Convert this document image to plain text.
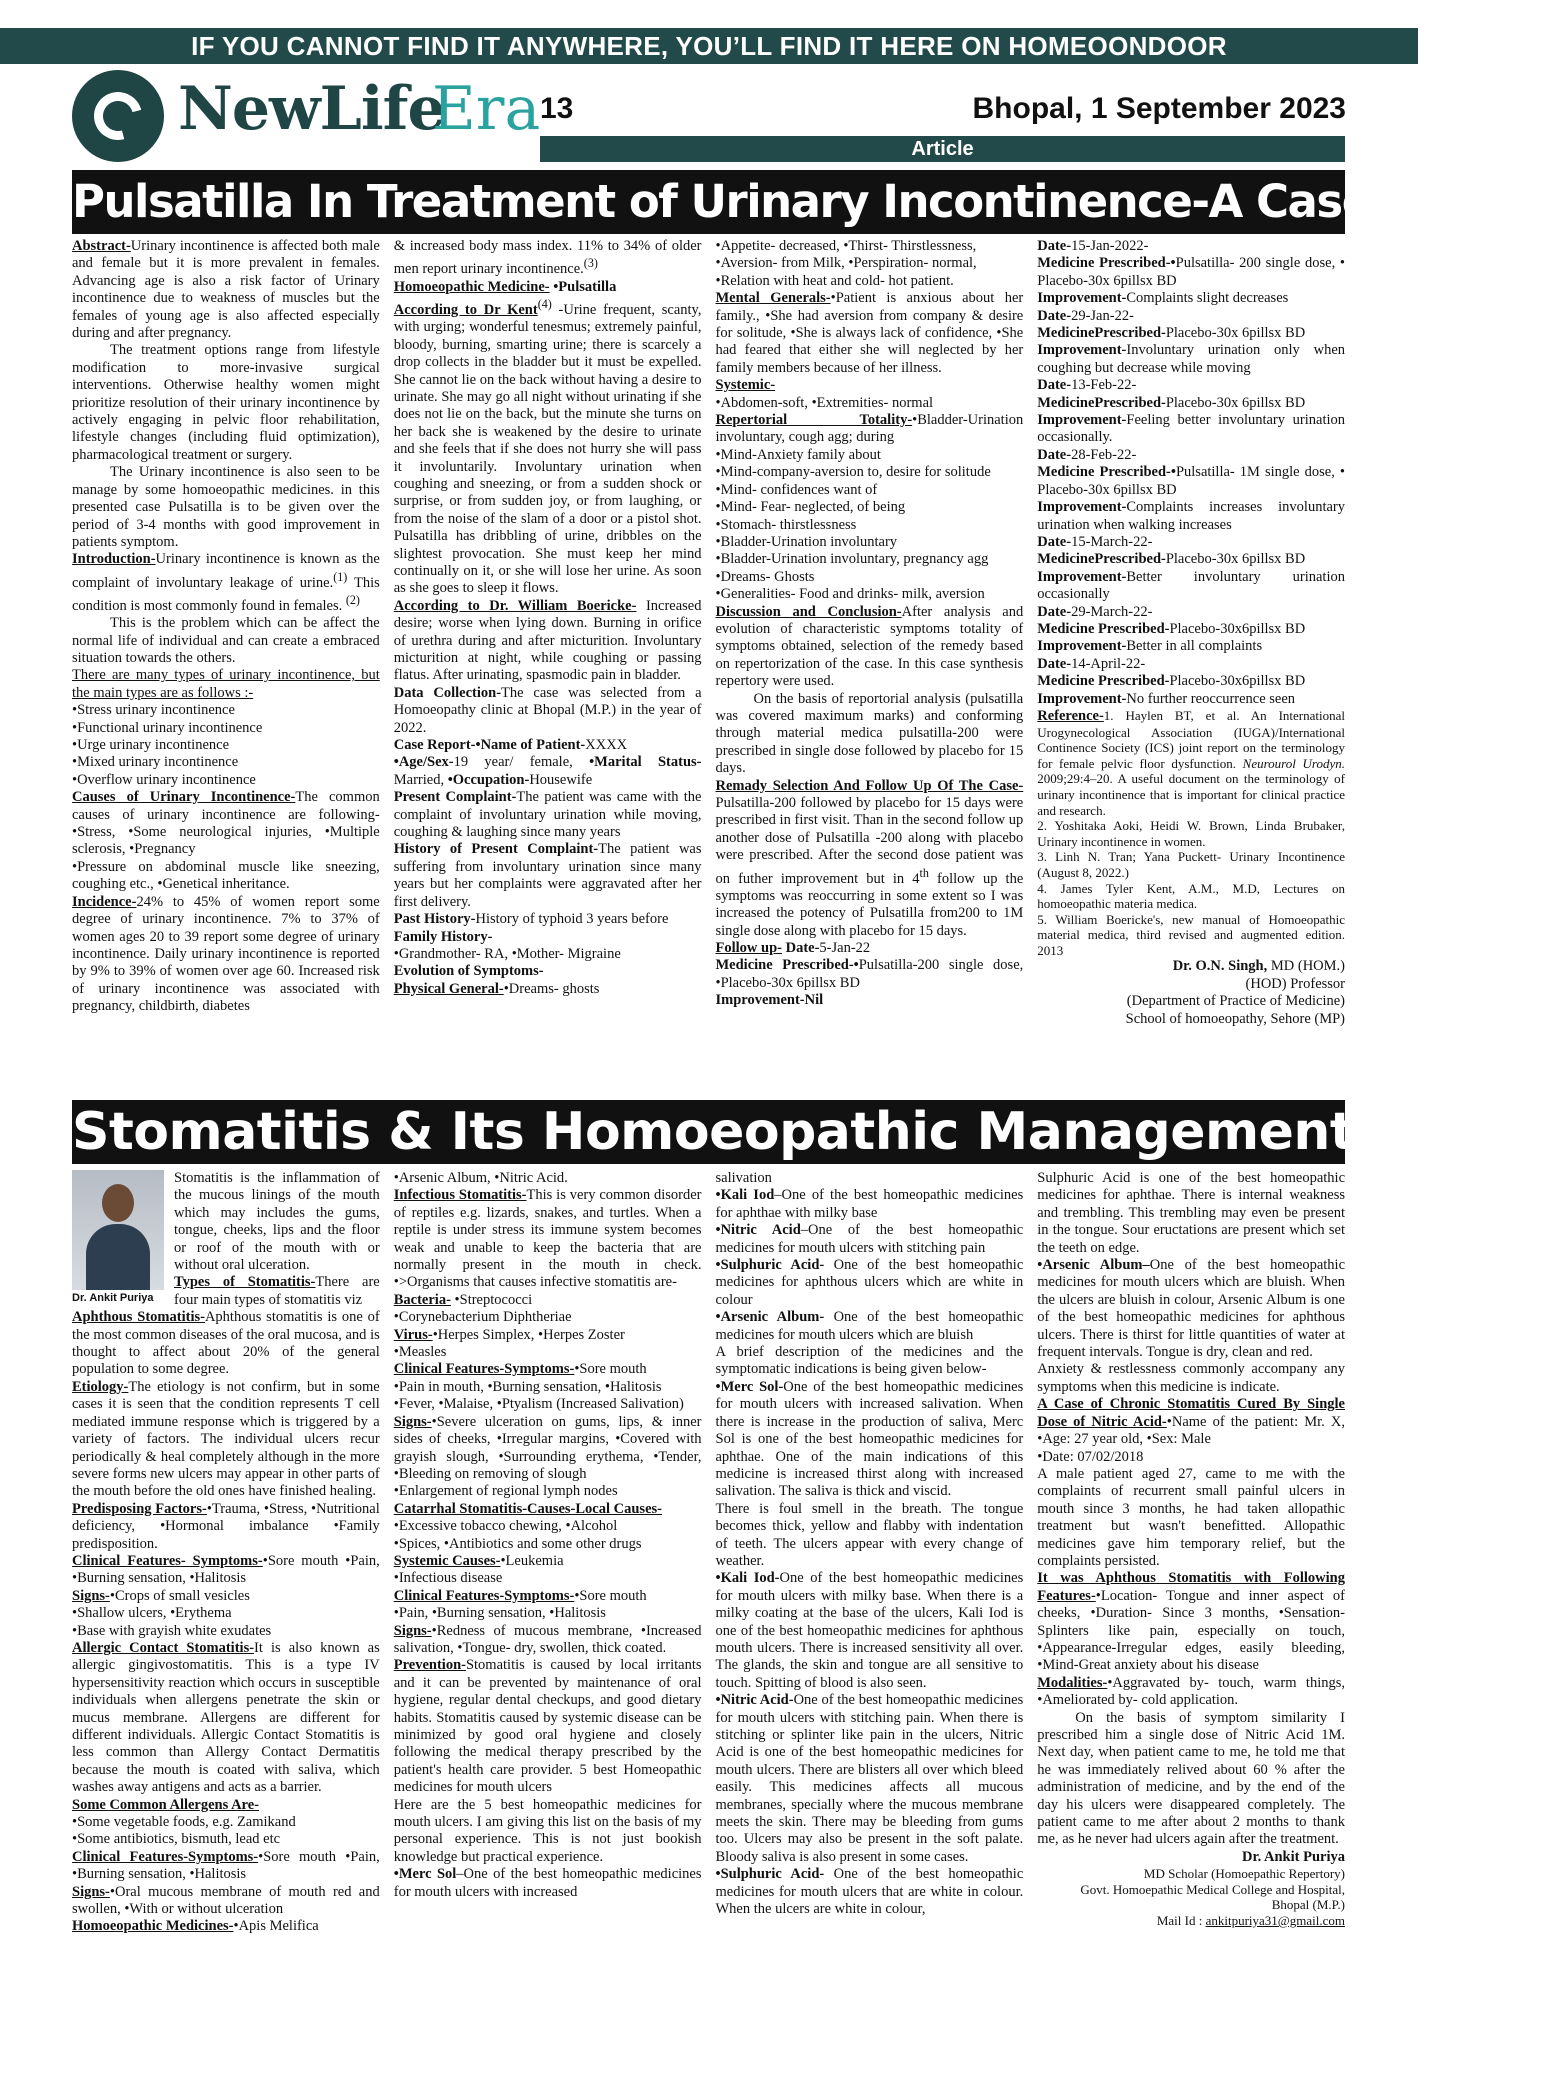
IF YOU CANNOT FIND IT ANYWHERE, YOU’LL FIND IT HERE ON HOMEOONDOOR
NewLife
Era 13	Bhopal, 1 September 2023
Article
Pulsatilla In Treatment of Urinary Incontinence-A Case Report

Abstract-Urinary incontinence is affected both male and female but it is more prevalent in females. Advancing age is also a risk factor of Urinary incontinence due to weakness of muscles but the females of young age is also affected especially during and after pregnancy.

The treatment options range from lifestyle modification to more-invasive surgical interventions. Otherwise healthy women might prioritize resolution of their urinary incontinence by actively engaging in pelvic floor rehabilitation, lifestyle changes (including fluid optimization), pharmacological treatment or surgery.

The Urinary incontinence is also seen to be manage by some homoeopathic medicines. in this presented case Pulsatilla is to be given over the period of 3-4 months with good improvement in patients symptom.

Introduction-Urinary incontinence is known as the complaint of involuntary leakage of urine.$^{(1)}$ This condition is most commonly found in females. $^{(2)}$

This is the problem which can be affect the normal life of individual and can create a embraced situation towards the others.

There are many types of urinary incontinence, but the main types are as follows :-

•Stress urinary incontinence

•Functional urinary incontinence

•Urge urinary incontinence

•Mixed urinary incontinence

•Overflow urinary incontinence

Causes of Urinary Incontinence-The common causes of urinary incontinence are following- •Stress, •Some neurological injuries, •Multiple sclerosis, •Pregnancy

•Pressure on abdominal muscle like sneezing, coughing etc., •Genetical inheritance.

Incidence-24% to 45% of women report some degree of urinary incontinence. 7% to 37% of women ages 20 to 39 report some degree of urinary incontinence. Daily urinary incontinence is reported by 9% to 39% of women over age 60. Increased risk of urinary incontinence was associated with pregnancy, childbirth, diabetes

& increased body mass index. 11% to 34% of older men report urinary incontinence.$^{(3)}$

Homoeopathic Medicine- •Pulsatilla

According to Dr Kent$^{(4)}$ -Urine frequent, scanty, with urging; wonderful tenesmus; extremely painful, bloody, burning, smarting urine; there is scarcely a drop collects in the bladder but it must be expelled. She cannot lie on the back without having a desire to urinate. She may go all night without urinating if she does not lie on the back, but the minute she turns on her back she is weakened by the desire to urinate and she feels that if she does not hurry she will pass it involuntarily. Involuntary urination when coughing and sneezing, or from a sudden shock or surprise, or from sudden joy, or from laughing, or from the noise of the slam of a door or a pistol shot. Pulsatilla has dribbling of urine, dribbles on the slightest provocation. She must keep her mind continually on it, or she will lose her urine. As soon as she goes to sleep it flows.

According to Dr. William Boericke- Increased desire; worse when lying down. Burning in orifice of urethra during and after micturition. Involuntary micturition at night, while coughing or passing flatus. After urinating, spasmodic pain in bladder.

Data Collection-The case was selected from a Homoeopathy clinic at Bhopal (M.P.) in the year of 2022.

Case Report-•Name of Patient-XXXX

•Age/Sex-19 year/ female, •Marital Status- Married, •Occupation-Housewife

Present Complaint-The patient was came with the complaint of involuntary urination while moving, coughing & laughing since many years

History of Present Complaint-The patient was suffering from involuntary urination since many years but her complaints were aggravated after her first delivery.

Past History-History of typhoid 3 years before

Family History-

•Grandmother- RA, •Mother- Migraine

Evolution of Symptoms-

Physical General-•Dreams- ghosts

•Appetite- decreased, •Thirst- Thirstlessness,

•Aversion- from Milk, •Perspiration- normal,

•Relation with heat and cold- hot patient.

Mental Generals-•Patient is anxious about her family., •She had aversion from company & desire for solitude, •She is always lack of confidence, •She had feared that either she will neglected by her family members because of her illness.

Systemic-

•Abdomen-soft, •Extremities- normal

Repertorial Totality-•Bladder-Urination involuntary, cough agg; during

•Mind-Anxiety family about

•Mind-company-aversion to, desire for solitude

•Mind- confidences want of

•Mind- Fear- neglected, of being

•Stomach- thirstlessness

•Bladder-Urination involuntary

•Bladder-Urination involuntary, pregnancy agg

•Dreams- Ghosts

•Generalities- Food and drinks- milk, aversion

Discussion and Conclusion-After analysis and evolution of characteristic symptoms totality of symptoms obtained, selection of the remedy based on repertorization of the case. In this case synthesis repertory were used.

On the basis of reportorial analysis (pulsatilla was covered maximum marks) and conforming through material medica pulsatilla-200 were prescribed in single dose followed by placebo for 15 days.

Remady Selection And Follow Up Of The Case-Pulsatilla-200 followed by placebo for 15 days were prescribed in first visit. Than in the second follow up another dose of Pulsatilla -200 along with placebo were prescribed. After the second dose patient was on futher improvement but in 4th follow up the symptoms was reoccurring in some extent so I was increased the potency of Pulsatilla from200 to 1M single dose along with placebo for 15 days.

Follow up- Date-5-Jan-22

Medicine Prescribed-•Pulsatilla-200 single dose, •Placebo-30x 6pillsx BD

Improvement-Nil

Date-15-Jan-2022-

Medicine Prescribed-•Pulsatilla- 200 single dose, • Placebo-30x 6pillsx BD

Improvement-Complaints slight decreases

Date-29-Jan-22-

MedicinePrescribed-Placebo-30x 6pillsx BD

Improvement-Involuntary urination only when coughing but decrease while moving

Date-13-Feb-22-

MedicinePrescribed-Placebo-30x 6pillsx BD

Improvement-Feeling better involuntary urination occasionally.

Date-28-Feb-22-

Medicine Prescribed-•Pulsatilla- 1M single dose, • Placebo-30x 6pillsx BD

Improvement-Complaints increases involuntary urination when walking increases

Date-15-March-22-

MedicinePrescribed-Placebo-30x 6pillsx BD

Improvement-Better involuntary urination occasionally

Date-29-March-22-

Medicine Prescribed-Placebo-30x6pillsx BD

Improvement-Better in all complaints

Date-14-April-22-

Medicine Prescribed-Placebo-30x6pillsx BD

Improvement-No further reoccurrence seen

Reference-1. Haylen BT, et al. An International Urogynecological Association (IUGA)/International Continence Society (ICS) joint report on the terminology for female pelvic floor dysfunction. Neurourol Urodyn. 2009;29:4–20. A useful document on the terminology of urinary incontinence that is important for clinical practice and research.

2. Yoshitaka Aoki, Heidi W. Brown, Linda Brubaker, Urinary incontinence in women.

3. Linh N. Tran; Yana Puckett- Urinary Incontinence (August 8, 2022.)

4. James Tyler Kent, A.M., M.D, Lectures on homoeopathic materia medica.

5. William Boericke's, new manual of Homoeopathic material medica, third revised and augmented edition. 2013

Dr. O.N. Singh, MD (HOM.)

(HOD) Professor

(Department of Practice of Medicine)

School of homoeopathy, Sehore (MP)

Stomatitis & Its Homoeopathic Management

Stomatitis is the inflammation of the mucous linings of the mouth which may includes the gums, tongue, cheeks, lips and the floor or roof of the mouth with or without oral ulceration.

Dr. Ankit Puriya

Types of Stomatitis-There are four main types of stomatitis viz

Aphthous Stomatitis-Aphthous stomatitis is one of the most common diseases of the oral mucosa, and is thought to affect about 20% of the general population to some degree.

Etiology-The etiology is not confirm, but in some cases it is seen that the condition represents T cell mediated immune response which is triggered by a variety of factors. The individual ulcers recur periodically & heal completely although in the more severe forms new ulcers may appear in other parts of the mouth before the old ones have finished healing.

Predisposing Factors-•Trauma, •Stress, •Nutritional deficiency, •Hormonal imbalance •Family predisposition.

Clinical Features- Symptoms-•Sore mouth •Pain, •Burning sensation, •Halitosis

Signs-•Crops of small vesicles

•Shallow ulcers, •Erythema

•Base with grayish white exudates

Allergic Contact Stomatitis-It is also known as allergic gingivostomatitis. This is a type IV hypersensitivity reaction which occurs in susceptible individuals when allergens penetrate the skin or mucus membrane. Allergens are different for different individuals. Allergic Contact Stomatitis is less common than Allergy Contact Dermatitis because the mouth is coated with saliva, which washes away antigens and acts as a barrier.

Some Common Allergens Are-

•Some vegetable foods, e.g. Zamikand

•Some antibiotics, bismuth, lead etc

Clinical Features-Symptoms-•Sore mouth •Pain, •Burning sensation, •Halitosis

Signs-•Oral mucous membrane of mouth red and swollen, •With or without ulceration

Homoeopathic Medicines-•Apis Melifica

•Arsenic Album, •Nitric Acid.

Infectious Stomatitis-This is very common disorder of reptiles e.g. lizards, snakes, and turtles. When a reptile is under stress its immune system becomes weak and unable to keep the bacteria that are normally present in the mouth in check. •>Organisms that causes infective stomatitis are-

Bacteria- •Streptococci

•Corynebacterium Diphtheriae

Virus-•Herpes Simplex, •Herpes Zoster

•Measles

Clinical Features-Symptoms-•Sore mouth

•Pain in mouth, •Burning sensation, •Halitosis

•Fever, •Malaise, •Ptyalism (Increased Salivation)

Signs-•Severe ulceration on gums, lips, & inner sides of cheeks, •Irregular margins, •Covered with grayish slough, •Surrounding erythema, •Tender, •Bleeding on removing of slough

•Enlargement of regional lymph nodes

Catarrhal Stomatitis-Causes-Local Causes-

•Excessive tobacco chewing, •Alcohol

•Spices, •Antibiotics and some other drugs

Systemic Causes-•Leukemia

•Infectious disease

Clinical Features-Symptoms-•Sore mouth

•Pain, •Burning sensation, •Halitosis

Signs-•Redness of mucous membrane, •Increased salivation, •Tongue- dry, swollen, thick coated.

Prevention-Stomatitis is caused by local irritants and it can be prevented by maintenance of oral hygiene, regular dental checkups, and good dietary habits. Stomatitis caused by systemic disease can be minimized by good oral hygiene and closely following the medical therapy prescribed by the patient's health care provider. 5 best Homeopathic medicines for mouth ulcers

Here are the 5 best homeopathic medicines for mouth ulcers. I am giving this list on the basis of my personal experience. This is not just bookish knowledge but practical experience.

•Merc Sol–One of the best homeopathic medicines for mouth ulcers with increased

salivation

•Kali Iod–One of the best homeopathic medicines for aphthae with milky base

•Nitric Acid–One of the best homeopathic medicines for mouth ulcers with stitching pain

•Sulphuric Acid- One of the best homeopathic medicines for aphthous ulcers which are white in colour

•Arsenic Album- One of the best homeopathic medicines for mouth ulcers which are bluish

A brief description of the medicines and the symptomatic indications is being given below-

•Merc Sol-One of the best homeopathic medicines for mouth ulcers with increased salivation. When there is increase in the production of saliva, Merc Sol is one of the best homeopathic medicines for aphthae. One of the main indications of this medicine is increased thirst along with increased salivation. The saliva is thick and viscid.

There is foul smell in the breath. The tongue becomes thick, yellow and flabby with indentation of teeth. The ulcers appear with every change of weather.

•Kali Iod-One of the best homeopathic medicines for mouth ulcers with milky base. When there is a milky coating at the base of the ulcers, Kali Iod is one of the best homeopathic medicines for aphthous mouth ulcers. There is increased sensitivity all over. The glands, the skin and tongue are all sensitive to touch. Spitting of blood is also seen.

•Nitric Acid-One of the best homeopathic medicines for mouth ulcers with stitching pain. When there is stitching or splinter like pain in the ulcers, Nitric Acid is one of the best homeopathic medicines for mouth ulcers. There are blisters all over which bleed easily. This medicines affects all mucous membranes, specially where the mucous membrane meets the skin. There may be bleeding from gums too. Ulcers may also be present in the soft palate. Bloody saliva is also present in some cases.

•Sulphuric Acid- One of the best homeopathic medicines for mouth ulcers that are white in colour. When the ulcers are white in colour,

Sulphuric Acid is one of the best homeopathic medicines for aphthae. There is internal weakness and trembling. This trembling may even be present in the tongue. Sour eructations are present which set the teeth on edge.

•Arsenic Album–One of the best homeopathic medicines for mouth ulcers which are bluish. When the ulcers are bluish in colour, Arsenic Album is one of the best homeopathic medicines for aphthous ulcers. There is thirst for little quantities of water at frequent intervals. Tongue is dry, clean and red.

Anxiety & restlessness commonly accompany any symptoms when this medicine is indicate.

A Case of Chronic Stomatitis Cured By Single Dose of Nitric Acid-•Name of the patient: Mr. X, •Age: 27 year old, •Sex: Male

•Date: 07/02/2018

A male patient aged 27, came to me with the complaints of recurrent small painful ulcers in mouth since 3 months, he had taken allopathic treatment but wasn't benefitted. Allopathic medicines gave him temporary relief, but the complaints persisted.

It was Aphthous Stomatitis with Following Features-•Location- Tongue and inner aspect of cheeks, •Duration- Since 3 months, •Sensation-Splinters like pain, especially on touch, •Appearance-Irregular edges, easily bleeding, •Mind-Great anxiety about his disease

Modalities-•Aggravated by- touch, warm things, •Ameliorated by- cold application.

On the basis of symptom similarity I prescribed him a single dose of Nitric Acid 1M. Next day, when patient came to me, he told me that he was immediately relived about 60 % after the administration of medicine, and by the end of the day his ulcers were disappeared completely. The patient came to me after about 2 months to thank me, as he never had ulcers again after the treatment.

Dr. Ankit Puriya

MD Scholar (Homoepathic Repertory)

Govt. Homoepathic Medical College and Hospital,

Bhopal (M.P.)

Mail Id : ankitpuriya31@gmail.com
